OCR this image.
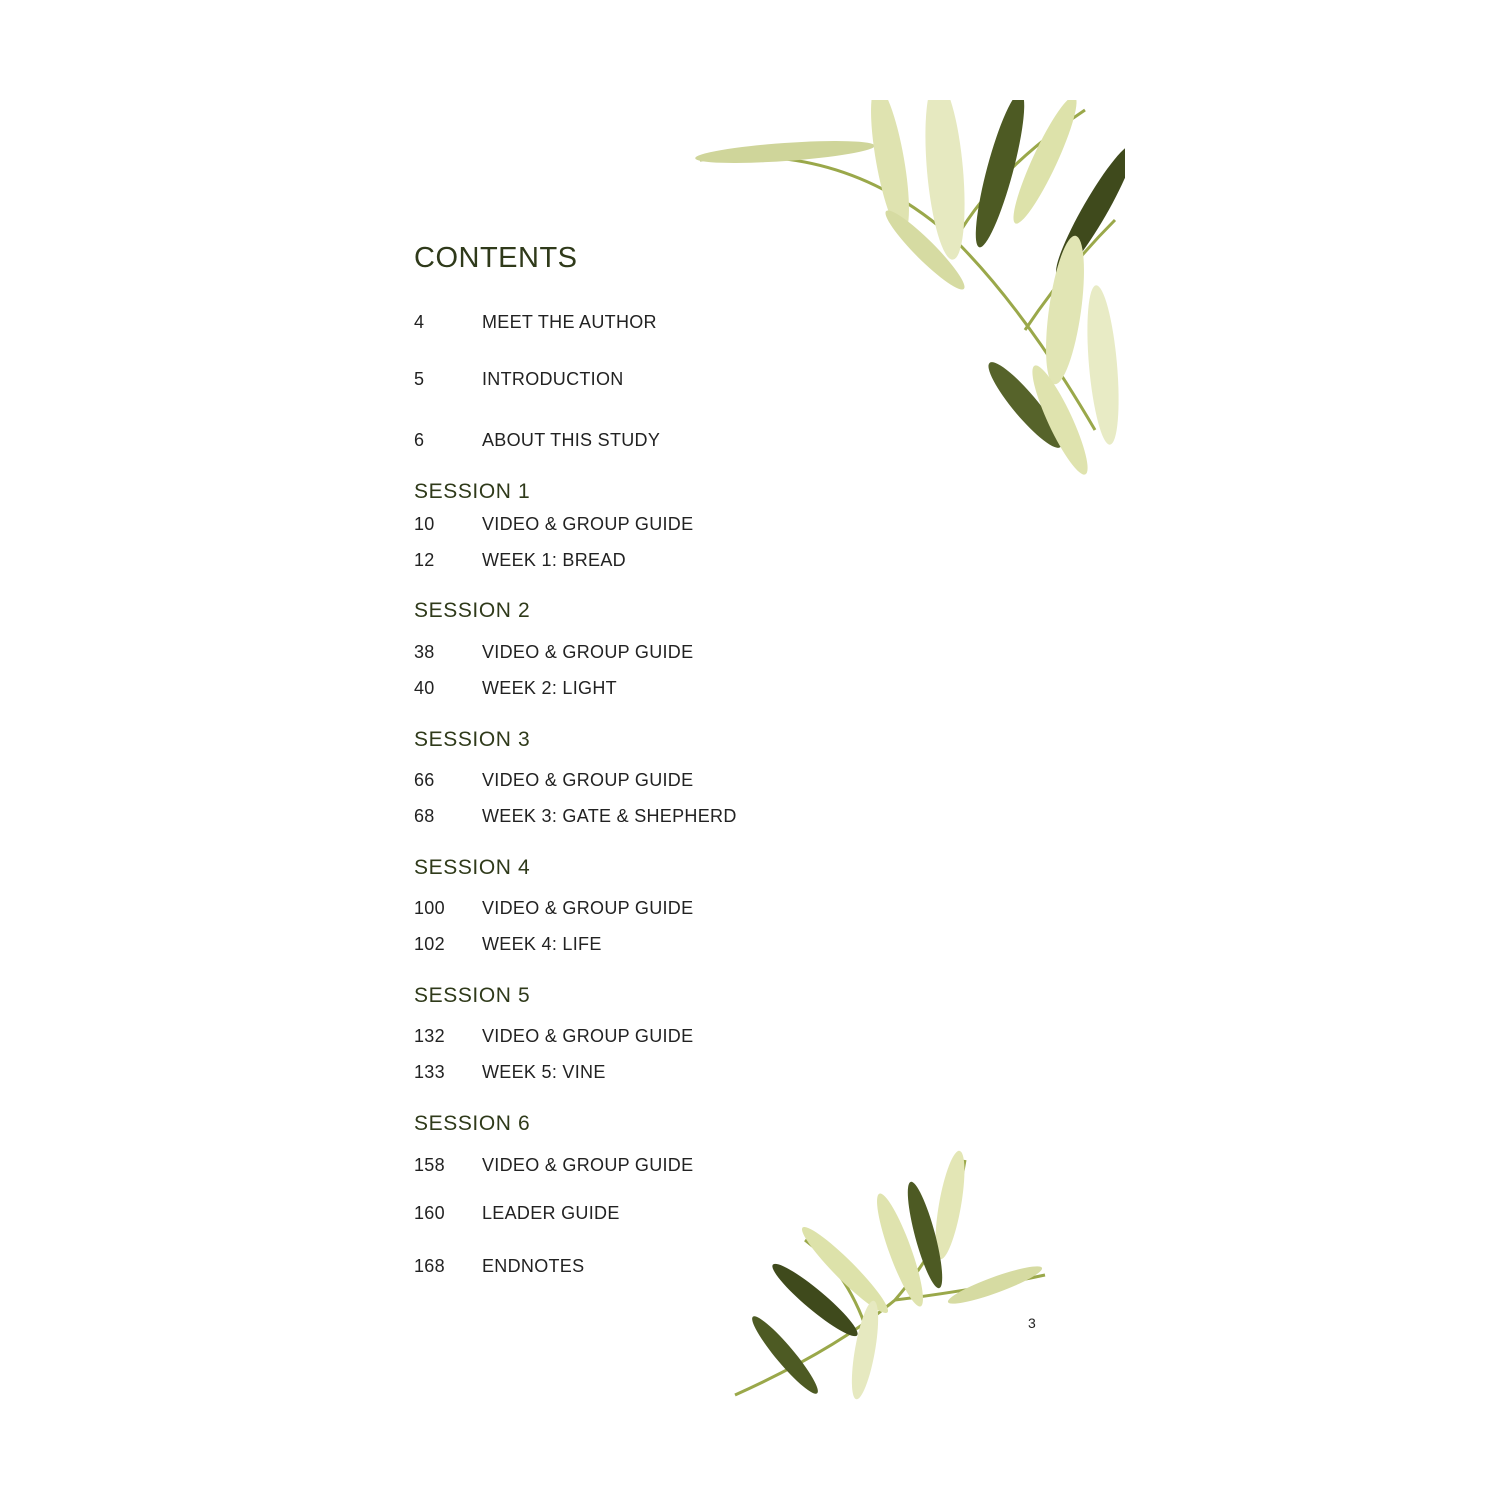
CONTENTS
4	MEET THE AUTHOR
5	INTRODUCTION
6	ABOUT THIS STUDY
SESSION 1
10	VIDEO & GROUP GUIDE
12	WEEK 1: BREAD
SESSION 2
38	VIDEO & GROUP GUIDE
40	WEEK 2: LIGHT
SESSION 3
66	VIDEO & GROUP GUIDE
68	WEEK 3: GATE & SHEPHERD
SESSION 4
100 VIDEO & GROUP GUIDE
102 WEEK 4: LIFE
SESSION 5
132 VIDEO & GROUP GUIDE
133 WEEK 5: VINE
SESSION 6
158 VIDEO & GROUP GUIDE
160 LEADER GUIDE
168 ENDNOTES
3
